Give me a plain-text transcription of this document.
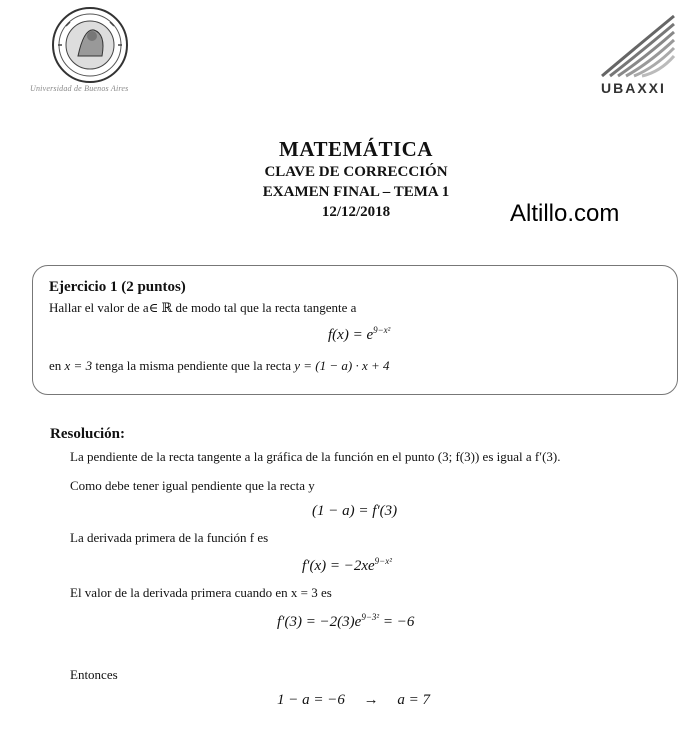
Universidad de Buenos Aires	UBAXXI

MATEMÁTICA

CLAVE DE CORRECCIÓN

EXAMEN FINAL – TEMA 1

12/12/2018	Altillo.com
Ejercicio 1 (2 puntos)
Hallar el valor de a∈ ℝ de modo tal que la recta tangente a
$f(x) = e^{9-x^2}$
en x = 3 tenga la misma pendiente que la recta y = (1 − a) · x + 4
Resolución:
La pendiente de la recta tangente a la gráfica de la función en el punto (3; f(3)) es igual a f′(3).
Como debe tener igual pendiente que la recta y
(1 − a) = f′(3)
La derivada primera de la función f es
$f'(x) = -2xe^{9-x^2}$
El valor de la derivada primera cuando en x = 3 es
$f'(3) = -2(3)e^{9-3^2} = -6$
Entonces
1 − a = −6     →     a = 7
